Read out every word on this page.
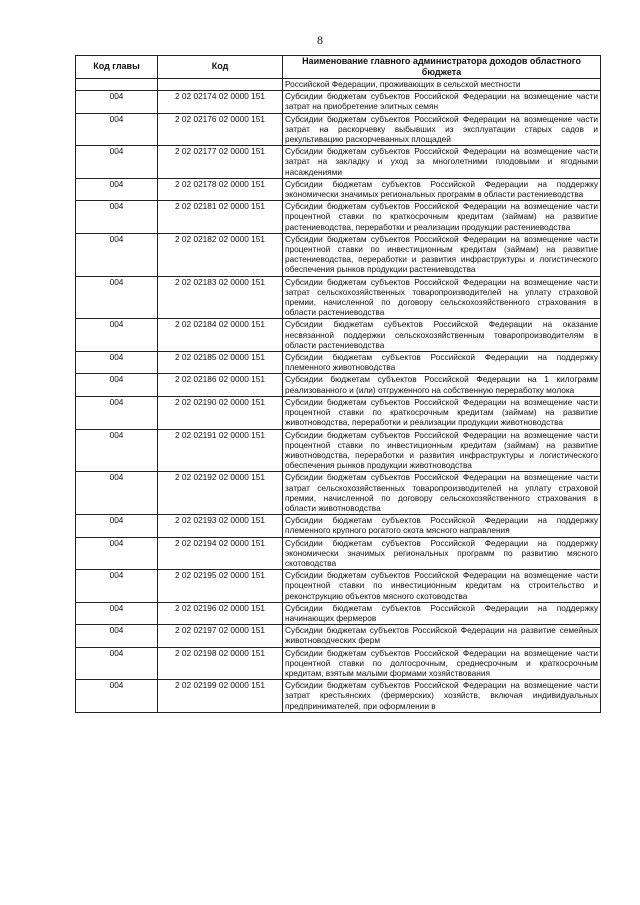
8
Код главы	Код	Наименование главного администратора доходов областного бюджета
		Российской Федерации, проживающих в сельской местности
004	2 02 02174 02 0000 151	Субсидии бюджетам субъектов Российской Федерации на возмещение части затрат на приобретение элитных семян
004	2 02 02176 02 0000 151	Субсидии бюджетам субъектов Российской Федерации на возмещение части затрат на раскорчевку выбывших из эксплуатации старых садов и рекультивацию раскорчеванных площадей
004	2 02 02177 02 0000 151	Субсидии бюджетам субъектов Российской Федерации на возмещение части затрат на закладку и уход за многолетними плодовыми и ягодными насаждениями
004	2 02 02178 02 0000 151	Субсидии бюджетам субъектов Российской Федерации на поддержку экономически значимых региональных программ в области растениеводства
004	2 02 02181 02 0000 151	Субсидии бюджетам субъектов Российской Федерации на возмещение части процентной ставки по краткосрочным кредитам (займам) на развитие растениеводства, переработки и реализации продукции растениеводства
004	2 02 02182 02 0000 151	Субсидии бюджетам субъектов Российской Федерации на возмещение части процентной ставки по инвестиционным кредитам (займам) на развитие растениеводства, переработки и развития инфраструктуры и логистического обеспечения рынков продукции растениеводства
004	2 02 02183 02 0000 151	Субсидии бюджетам субъектов Российской Федерации на возмещение части затрат сельскохозяйственных товаропроизводителей на уплату страховой премии, начисленной по договору сельскохозяйственного страхования в области растениеводства
004	2 02 02184 02 0000 151	Субсидии бюджетам субъектов Российской Федерации на оказание несвязанной поддержки сельскохозяйственным товаропроизводителям в области растениеводства
004	2 02 02185 02 0000 151	Субсидии бюджетам субъектов Российской Федерации на поддержку племенного животноводства
004	2 02 02186 02 0000 151	Субсидии бюджетам субъектов Российской Федерации на 1 килограмм реализованного и (или) отгруженного на собственную переработку молока
004	2 02 02190 02 0000 151	Субсидии бюджетам субъектов Российской Федерации на возмещение части процентной ставки по краткосрочным кредитам (займам) на развитие животноводства, переработки и реализации продукции животноводства
004	2 02 02191 02 0000 151	Субсидии бюджетам субъектов Российской Федерации на возмещение части процентной ставки по инвестиционным кредитам (займам) на развитие животноводства, переработки и развития инфраструктуры и логистического обеспечения рынков продукции животноводства
004	2 02 02192 02 0000 151	Субсидии бюджетам субъектов Российской Федерации на возмещение части затрат сельскохозяйственных товаропроизводителей на уплату страховой премии, начисленной по договору сельскохозяйственного страхования в области животноводства
004	2 02 02193 02 0000 151	Субсидии бюджетам субъектов Российской Федерации на поддержку племенного крупного рогатого скота мясного направления
004	2 02 02194 02 0000 151	Субсидии бюджетам субъектов Российской Федерации на поддержку экономически значимых региональных программ по развитию мясного скотоводства
004	2 02 02195 02 0000 151	Субсидии бюджетам субъектов Российской Федерации на возмещение части процентной ставки по инвестиционным кредитам на строительство и реконструкцию объектов мясного скотоводства
004	2 02 02196 02 0000 151	Субсидии бюджетам субъектов Российской Федерации на поддержку начинающих фермеров
004	2 02 02197 02 0000 151	Субсидии бюджетам субъектов Российской Федерации на развитие семейных животноводческих ферм
004	2 02 02198 02 0000 151	Субсидии бюджетам субъектов Российской Федерации на возмещение части процентной ставки по долгосрочным, среднесрочным и краткосрочным кредитам, взятым малыми формами хозяйствования
004	2 02 02199 02 0000 151	Субсидии бюджетам субъектов Российской Федерации на возмещение части затрат крестьянских (фермерских) хозяйств, включая индивидуальных предпринимателей, при оформлении в
